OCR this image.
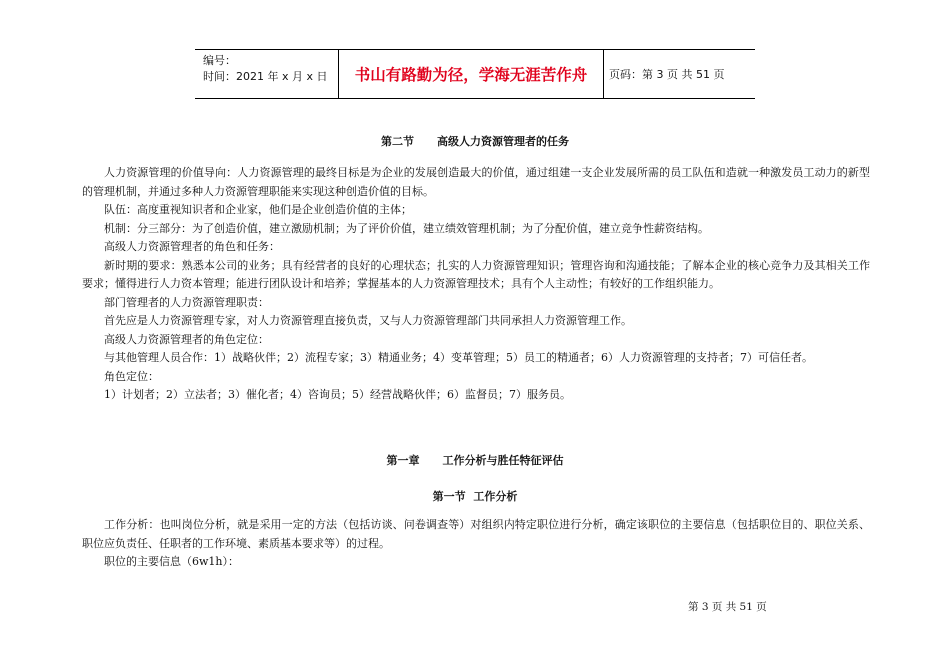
编号：
时间：2021 年 x 月 x 日	书山有路勤为径，学海无涯苦作舟	页码：第 3 页 共 51 页
第二节      高级人力资源管理者的任务

人力资源管理的价值导向：人力资源管理的最终目标是为企业的发展创造最大的价值，通过组建一支企业发展所需的员工队伍和造就一种激发员工动力的新型的管理机制，并通过多种人力资源管理职能来实现这种创造价值的目标。

队伍：高度重视知识者和企业家，他们是企业创造价值的主体；

机制：分三部分：为了创造价值，建立激励机制；为了评价价值，建立绩效管理机制；为了分配价值，建立竞争性薪资结构。

高级人力资源管理者的角色和任务：

新时期的要求：熟悉本公司的业务；具有经营者的良好的心理状态；扎实的人力资源管理知识；管理咨询和沟通技能；了解本企业的核心竞争力及其相关工作要求；懂得进行人力资本管理；能进行团队设计和培养；掌握基本的人力资源管理技术；具有个人主动性；有较好的工作组织能力。

部门管理者的人力资源管理职责：

首先应是人力资源管理专家，对人力资源管理直接负责，又与人力资源管理部门共同承担人力资源管理工作。

高级人力资源管理者的角色定位：

与其他管理人员合作：1）战略伙伴；2）流程专家；3）精通业务；4）变革管理；5）员工的精通者；6）人力资源管理的支持者；7）可信任者。

角色定位：

1）计划者；2）立法者；3）催化者；4）咨询员；5）经营战略伙伴；6）监督员；7）服务员。

第一章      工作分析与胜任特征评估
第一节  工作分析

工作分析：也叫岗位分析，就是采用一定的方法（包括访谈、问卷调查等）对组织内特定职位进行分析，确定该职位的主要信息（包括职位目的、职位关系、职位应负责任、任职者的工作环境、素质基本要求等）的过程。

职位的主要信息（6w1h）：

第 3 页 共 51 页
